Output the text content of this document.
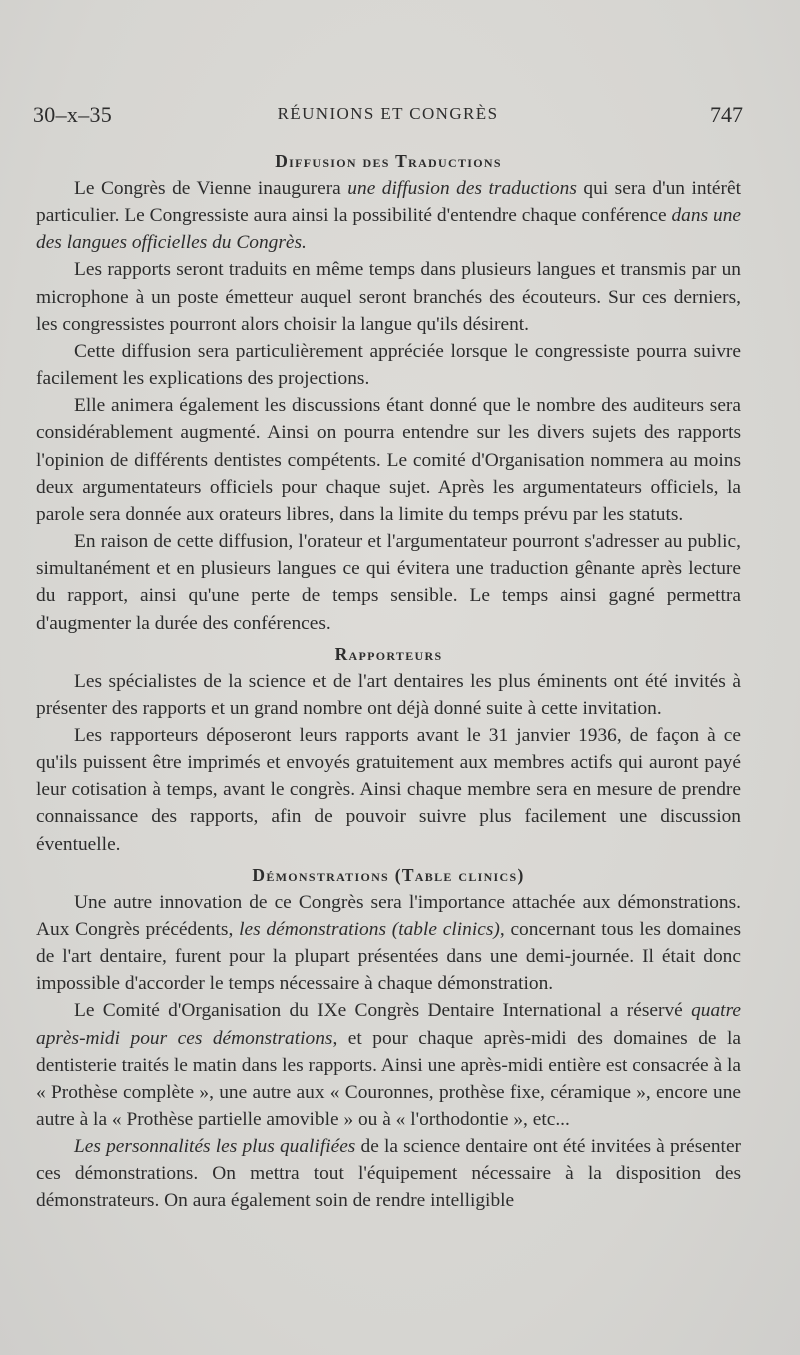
30–x–35	RÉUNIONS ET CONGRÈS	747
Diffusion des Traductions

Le Congrès de Vienne inaugurera une diffusion des traductions qui sera d'un intérêt particulier. Le Congressiste aura ainsi la possibilité d'entendre chaque conférence dans une des langues officielles du Congrès.

Les rapports seront traduits en même temps dans plusieurs langues et transmis par un microphone à un poste émetteur auquel seront branchés des écouteurs. Sur ces derniers, les congressistes pourront alors choisir la langue qu'ils désirent.

Cette diffusion sera particulièrement appréciée lorsque le congressiste pourra suivre facilement les explications des projections.

Elle animera également les discussions étant donné que le nombre des auditeurs sera considérablement augmenté. Ainsi on pourra entendre sur les divers sujets des rapports l'opinion de différents dentistes compétents. Le comité d'Organisation nommera au moins deux argumentateurs officiels pour chaque sujet. Après les argumentateurs officiels, la parole sera donnée aux orateurs libres, dans la limite du temps prévu par les statuts.

En raison de cette diffusion, l'orateur et l'argumentateur pourront s'adresser au public, simultanément et en plusieurs langues ce qui évitera une traduction gênante après lecture du rapport, ainsi qu'une perte de temps sensible. Le temps ainsi gagné permettra d'augmenter la durée des conférences.

Rapporteurs

Les spécialistes de la science et de l'art dentaires les plus éminents ont été invités à présenter des rapports et un grand nombre ont déjà donné suite à cette invitation.

Les rapporteurs déposeront leurs rapports avant le 31 janvier 1936, de façon à ce qu'ils puissent être imprimés et envoyés gratuitement aux membres actifs qui auront payé leur cotisation à temps, avant le congrès. Ainsi chaque membre sera en mesure de prendre connaissance des rapports, afin de pouvoir suivre plus facilement une discussion éventuelle.

Démonstrations (Table clinics)

Une autre innovation de ce Congrès sera l'importance attachée aux démonstrations. Aux Congrès précédents, les démonstrations (table clinics), concernant tous les domaines de l'art dentaire, furent pour la plupart présentées dans une demi-journée. Il était donc impossible d'accorder le temps nécessaire à chaque démonstration.

Le Comité d'Organisation du IXe Congrès Dentaire International a réservé quatre après-midi pour ces démonstrations, et pour chaque après-midi des domaines de la dentisterie traités le matin dans les rapports. Ainsi une après-midi entière est consacrée à la « Prothèse complète », une autre aux « Couronnes, prothèse fixe, céramique », encore une autre à la « Prothèse partielle amovible » ou à « l'orthodontie », etc...

Les personnalités les plus qualifiées de la science dentaire ont été invitées à présenter ces démonstrations. On mettra tout l'équipement nécessaire à la disposition des démonstrateurs. On aura également soin de rendre intelligible
